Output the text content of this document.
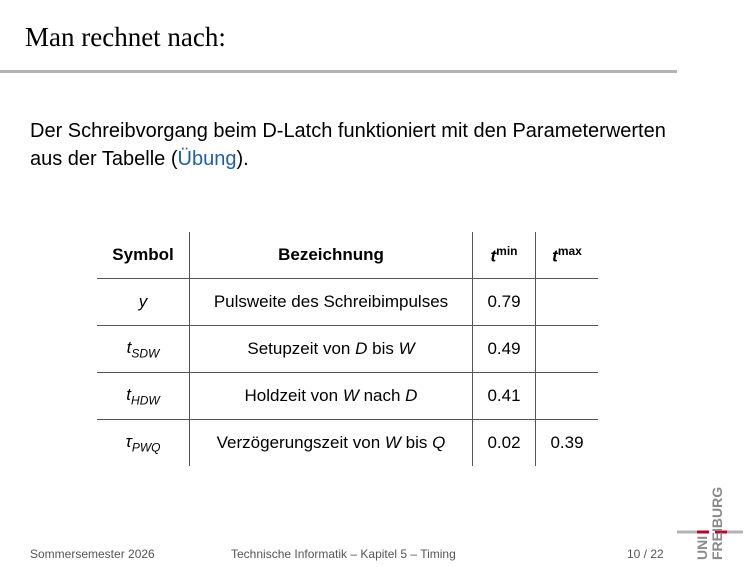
Man rechnet nach:
Der Schreibvorgang beim D-Latch funktioniert mit den Parameterwerten aus der Tabelle (Übung).
Symbol	Bezeichnung	$t^{min}$	$t^{max}$
y	Pulsweite des Schreibimpulses	0.79	
$t_{SDW}$	Setupzeit von D bis W	0.49	
$t_{HDW}$	Holdzeit von W nach D	0.41	
$\tau_{PWQ}$	Verzögerungszeit von W bis Q	0.02	0.39
Sommersemester 2026	Technische Informatik – Kapitel 5 – Timing	10 / 22 UNI FREIBURG
